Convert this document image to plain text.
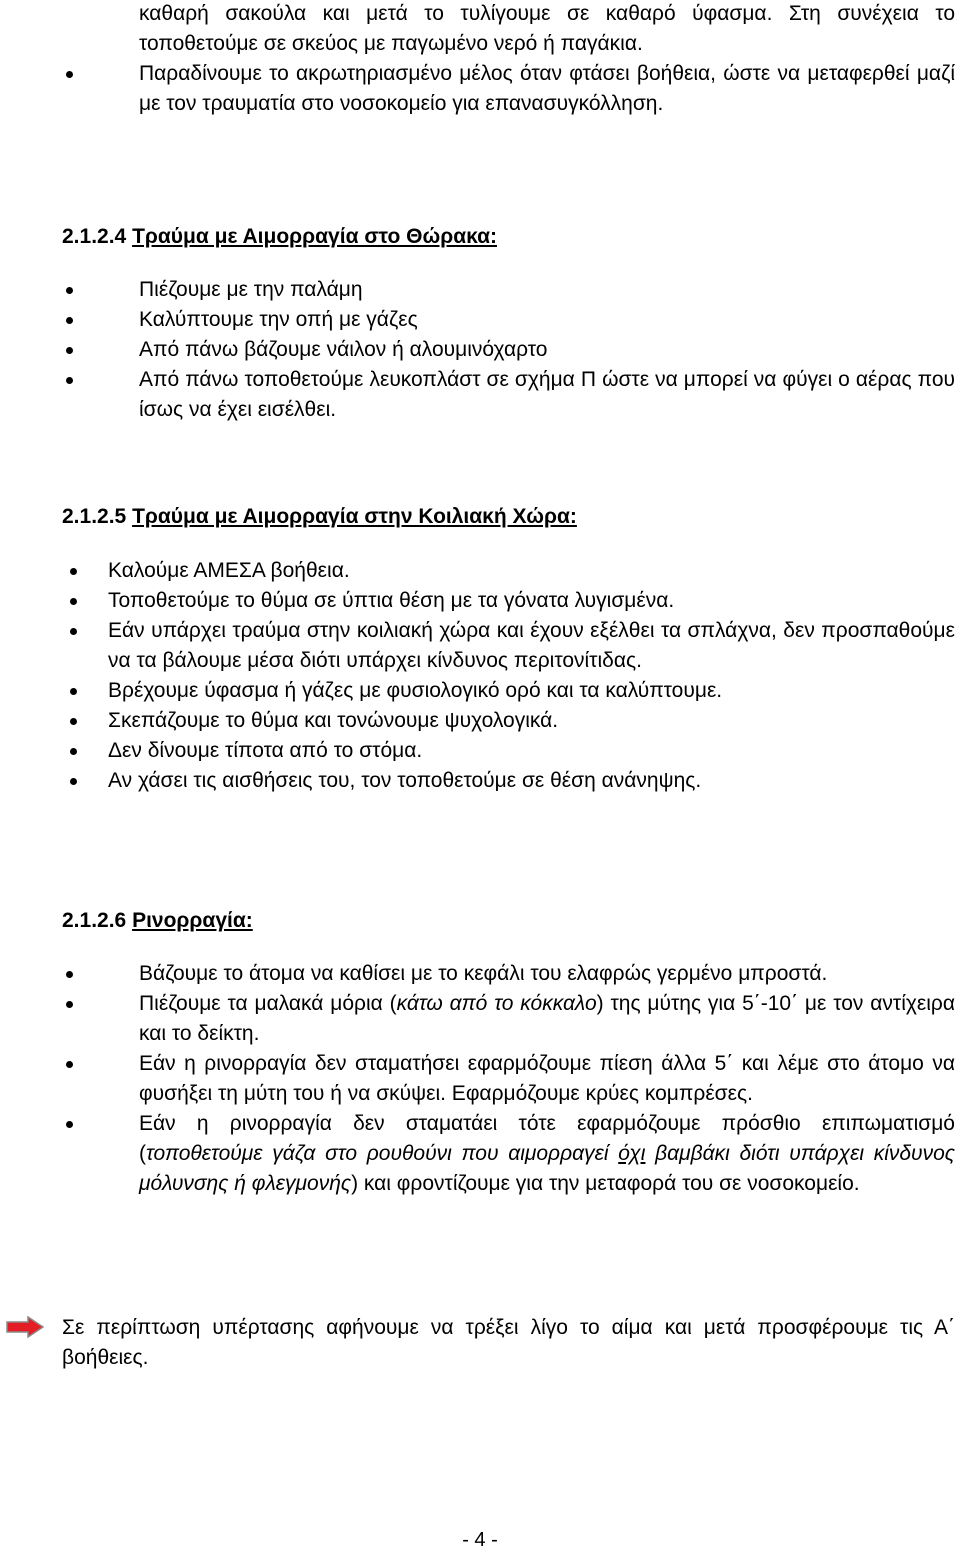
καθαρή σακούλα και μετά το τυλίγουμε σε καθαρό ύφασμα. Στη συνέχεια το τοποθετούμε σε σκεύος με παγωμένο νερό ή παγάκια.
Παραδίνουμε το ακρωτηριασμένο μέλος όταν φτάσει βοήθεια, ώστε να μεταφερθεί μαζί με τον τραυματία στο νοσοκομείο για επανασυγκόλληση.

2.1.2.4 Τραύμα με Αιμορραγία στο Θώρακα:

Πιέζουμε με την παλάμη
Καλύπτουμε την οπή με γάζες
Από πάνω βάζουμε νάιλον ή αλουμινόχαρτο
Από πάνω τοποθετούμε λευκοπλάστ σε σχήμα Π ώστε να μπορεί να φύγει ο αέρας που ίσως να έχει εισέλθει.

2.1.2.5 Τραύμα με Αιμορραγία στην Κοιλιακή Χώρα:

Καλούμε ΑΜΕΣΑ βοήθεια.
Τοποθετούμε το θύμα σε ύπτια θέση με τα γόνατα λυγισμένα.
Εάν υπάρχει τραύμα στην κοιλιακή χώρα και έχουν εξέλθει τα σπλάχνα, δεν προσπαθούμε να τα βάλουμε μέσα διότι υπάρχει κίνδυνος περιτονίτιδας.
Βρέχουμε ύφασμα ή γάζες με φυσιολογικό ορό και τα καλύπτουμε.
Σκεπάζουμε το θύμα και τονώνουμε ψυχολογικά.
Δεν δίνουμε τίποτα από το στόμα.
Αν χάσει τις αισθήσεις του, τον τοποθετούμε σε θέση ανάνηψης.

2.1.2.6 Ρινορραγία:

Βάζουμε το άτομα να καθίσει με το κεφάλι του ελαφρώς γερμένο μπροστά.
Πιέζουμε τα μαλακά μόρια (κάτω από το κόκκαλο) της μύτης για 5΄-10΄ με τον αντίχειρα και το δείκτη.
Εάν η ρινορραγία δεν σταματήσει εφαρμόζουμε πίεση άλλα 5΄ και λέμε στο άτομο να φυσήξει τη μύτη του ή να σκύψει. Εφαρμόζουμε κρύες κομπρέσες.
Εάν η ρινορραγία δεν σταματάει τότε εφαρμόζουμε πρόσθιο επιπωματισμό (τοποθετούμε γάζα στο ρουθούνι που αιμορραγεί όχι βαμβάκι διότι υπάρχει κίνδυνος μόλυνσης ή φλεγμονής) και φροντίζουμε για την μεταφορά του σε νοσοκομείο.

Σε περίπτωση υπέρτασης αφήνουμε να τρέξει λίγο το αίμα και μετά προσφέρουμε τις Α΄ βοήθειες.

- 4 -
